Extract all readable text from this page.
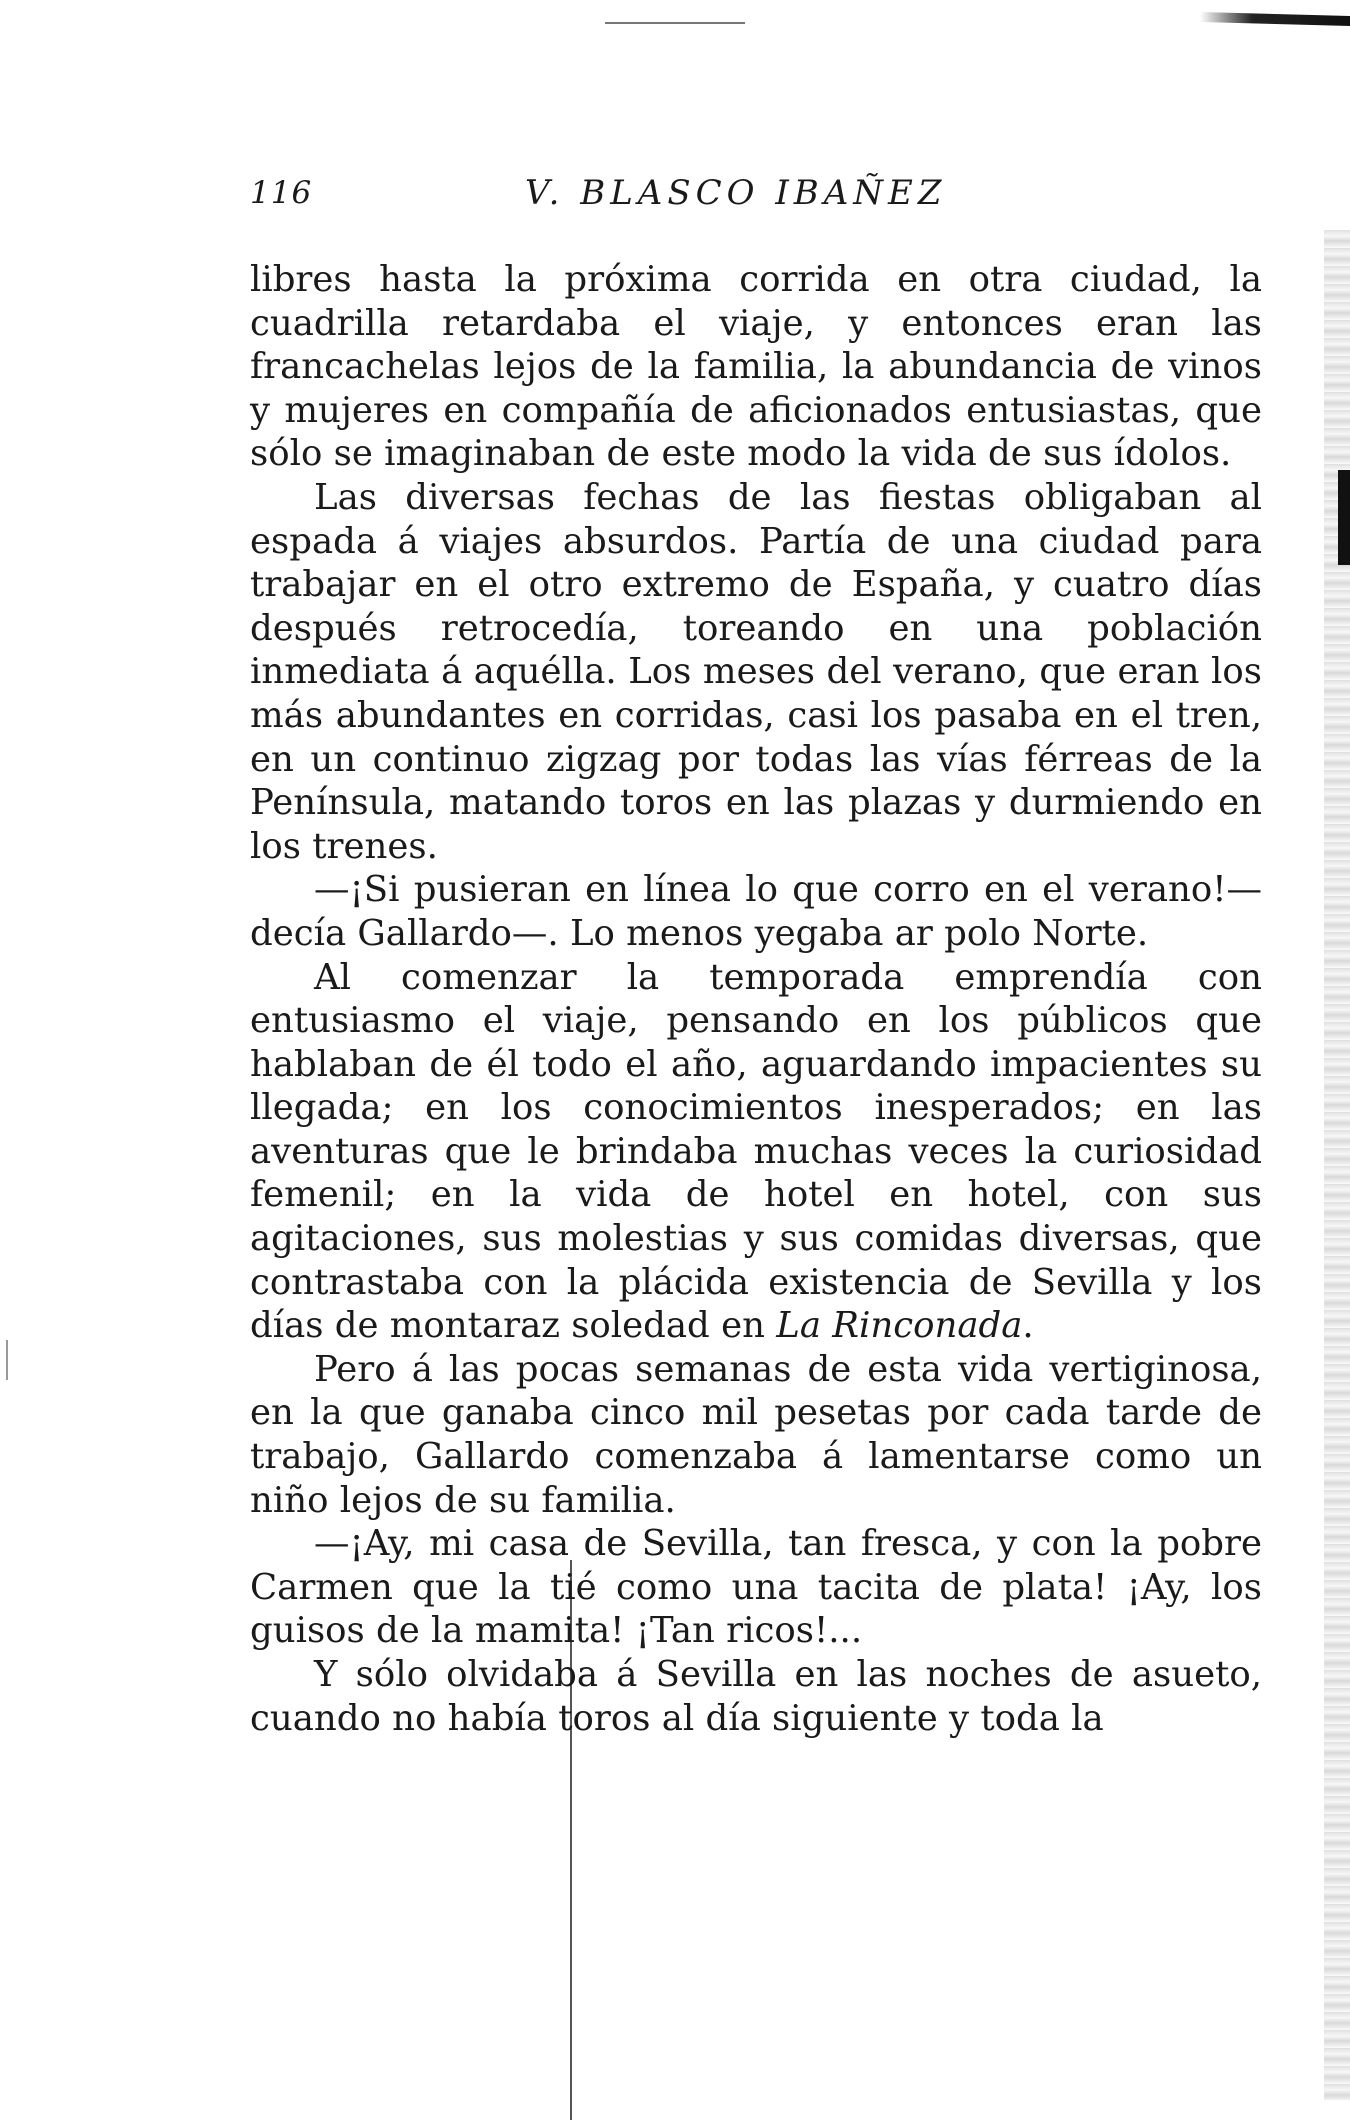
116	V. BLASCO IBAÑEZ

libres hasta la próxima corrida en otra ciudad, la cuadrilla retardaba el viaje, y entonces eran las francachelas lejos de la familia, la abundancia de vinos y mujeres en compañía de aficionados entusiastas, que sólo se imaginaban de este modo la vida de sus ídolos.

Las diversas fechas de las fiestas obligaban al espada á viajes absurdos. Partía de una ciudad para trabajar en el otro extremo de España, y cuatro días después retrocedía, toreando en una población inmediata á aquélla. Los meses del verano, que eran los más abundantes en corridas, casi los pasaba en el tren, en un continuo zigzag por todas las vías férreas de la Península, matando toros en las plazas y durmiendo en los trenes.

—¡Si pusieran en línea lo que corro en el verano!—decía Gallardo—. Lo menos yegaba ar polo Norte.

Al comenzar la temporada emprendía con entusiasmo el viaje, pensando en los públicos que hablaban de él todo el año, aguardando impacientes su llegada; en los conocimientos inesperados; en las aventuras que le brindaba muchas veces la curiosidad femenil; en la vida de hotel en hotel, con sus agitaciones, sus molestias y sus comidas diversas, que contrastaba con la plácida existencia de Sevilla y los días de montaraz soledad en La Rinconada.

Pero á las pocas semanas de esta vida vertiginosa, en la que ganaba cinco mil pesetas por cada tarde de trabajo, Gallardo comenzaba á lamentarse como un niño lejos de su familia.

—¡Ay, mi casa de Sevilla, tan fresca, y con la pobre Carmen que la tié como una tacita de plata! ¡Ay, los guisos de la mamita! ¡Tan ricos!...

Y sólo olvidaba á Sevilla en las noches de asueto, cuando no había toros al día siguiente y toda la
